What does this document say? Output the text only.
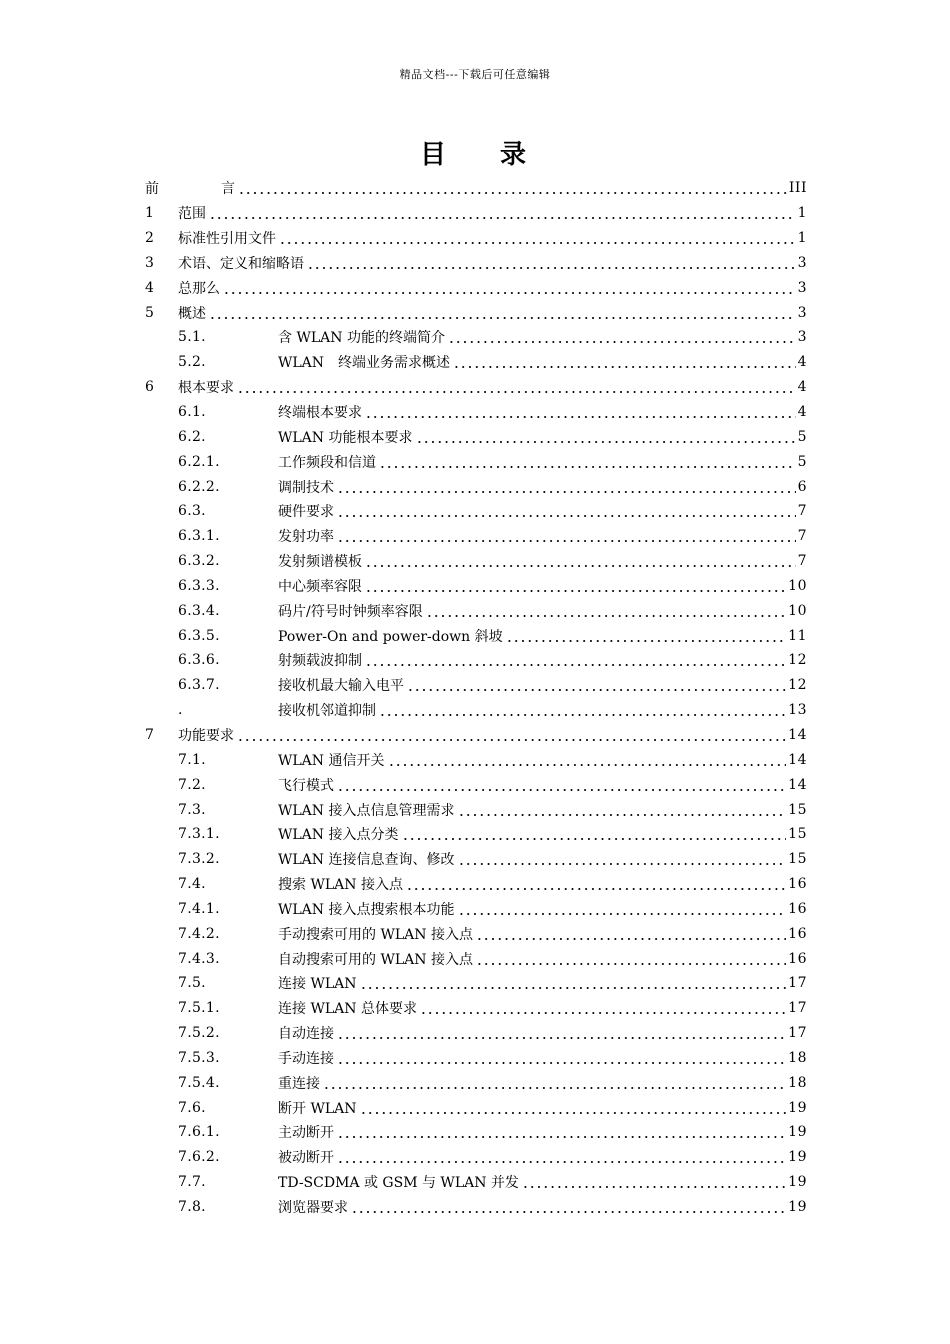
精品文档---下载后可任意编辑
目 录
前	言	III
1	范围	1
2	标准性引用文件	1
3	术语、定义和缩略语	3
4	总那么	3
5	概述	3
5.1.	含 WLAN 功能的终端简介	3
5.2.	WLAN　终端业务需求概述	4
6	根本要求	4
6.1.	终端根本要求	4
6.2.	WLAN 功能根本要求	5
6.2.1.	工作频段和信道	5
6.2.2.	调制技术	6
6.3.	硬件要求	7
6.3.1.	发射功率	7
6.3.2.	发射频谱模板	7
6.3.3.	中心频率容限	10
6.3.4.	码片/符号时钟频率容限	10
6.3.5.	Power-On and power-down 斜坡	11
6.3.6.	射频载波抑制	12
6.3.7.	接收机最大输入电平	12
.	接收机邻道抑制	13
7	功能要求	14
7.1.	WLAN 通信开关	14
7.2.	飞行模式	14
7.3.	WLAN 接入点信息管理需求	15
7.3.1.	WLAN 接入点分类	15
7.3.2.	WLAN 连接信息查询、修改	15
7.4.	搜索 WLAN 接入点	16
7.4.1.	WLAN 接入点搜索根本功能	16
7.4.2.	手动搜索可用的 WLAN 接入点	16
7.4.3.	自动搜索可用的 WLAN 接入点	16
7.5.	连接 WLAN	17
7.5.1.	连接 WLAN 总体要求	17
7.5.2.	自动连接	17
7.5.3.	手动连接	18
7.5.4.	重连接	18
7.6.	断开 WLAN	19
7.6.1.	主动断开	19
7.6.2.	被动断开	19
7.7.	TD-SCDMA 或 GSM 与 WLAN 并发	19
7.8.	浏览器要求	19
